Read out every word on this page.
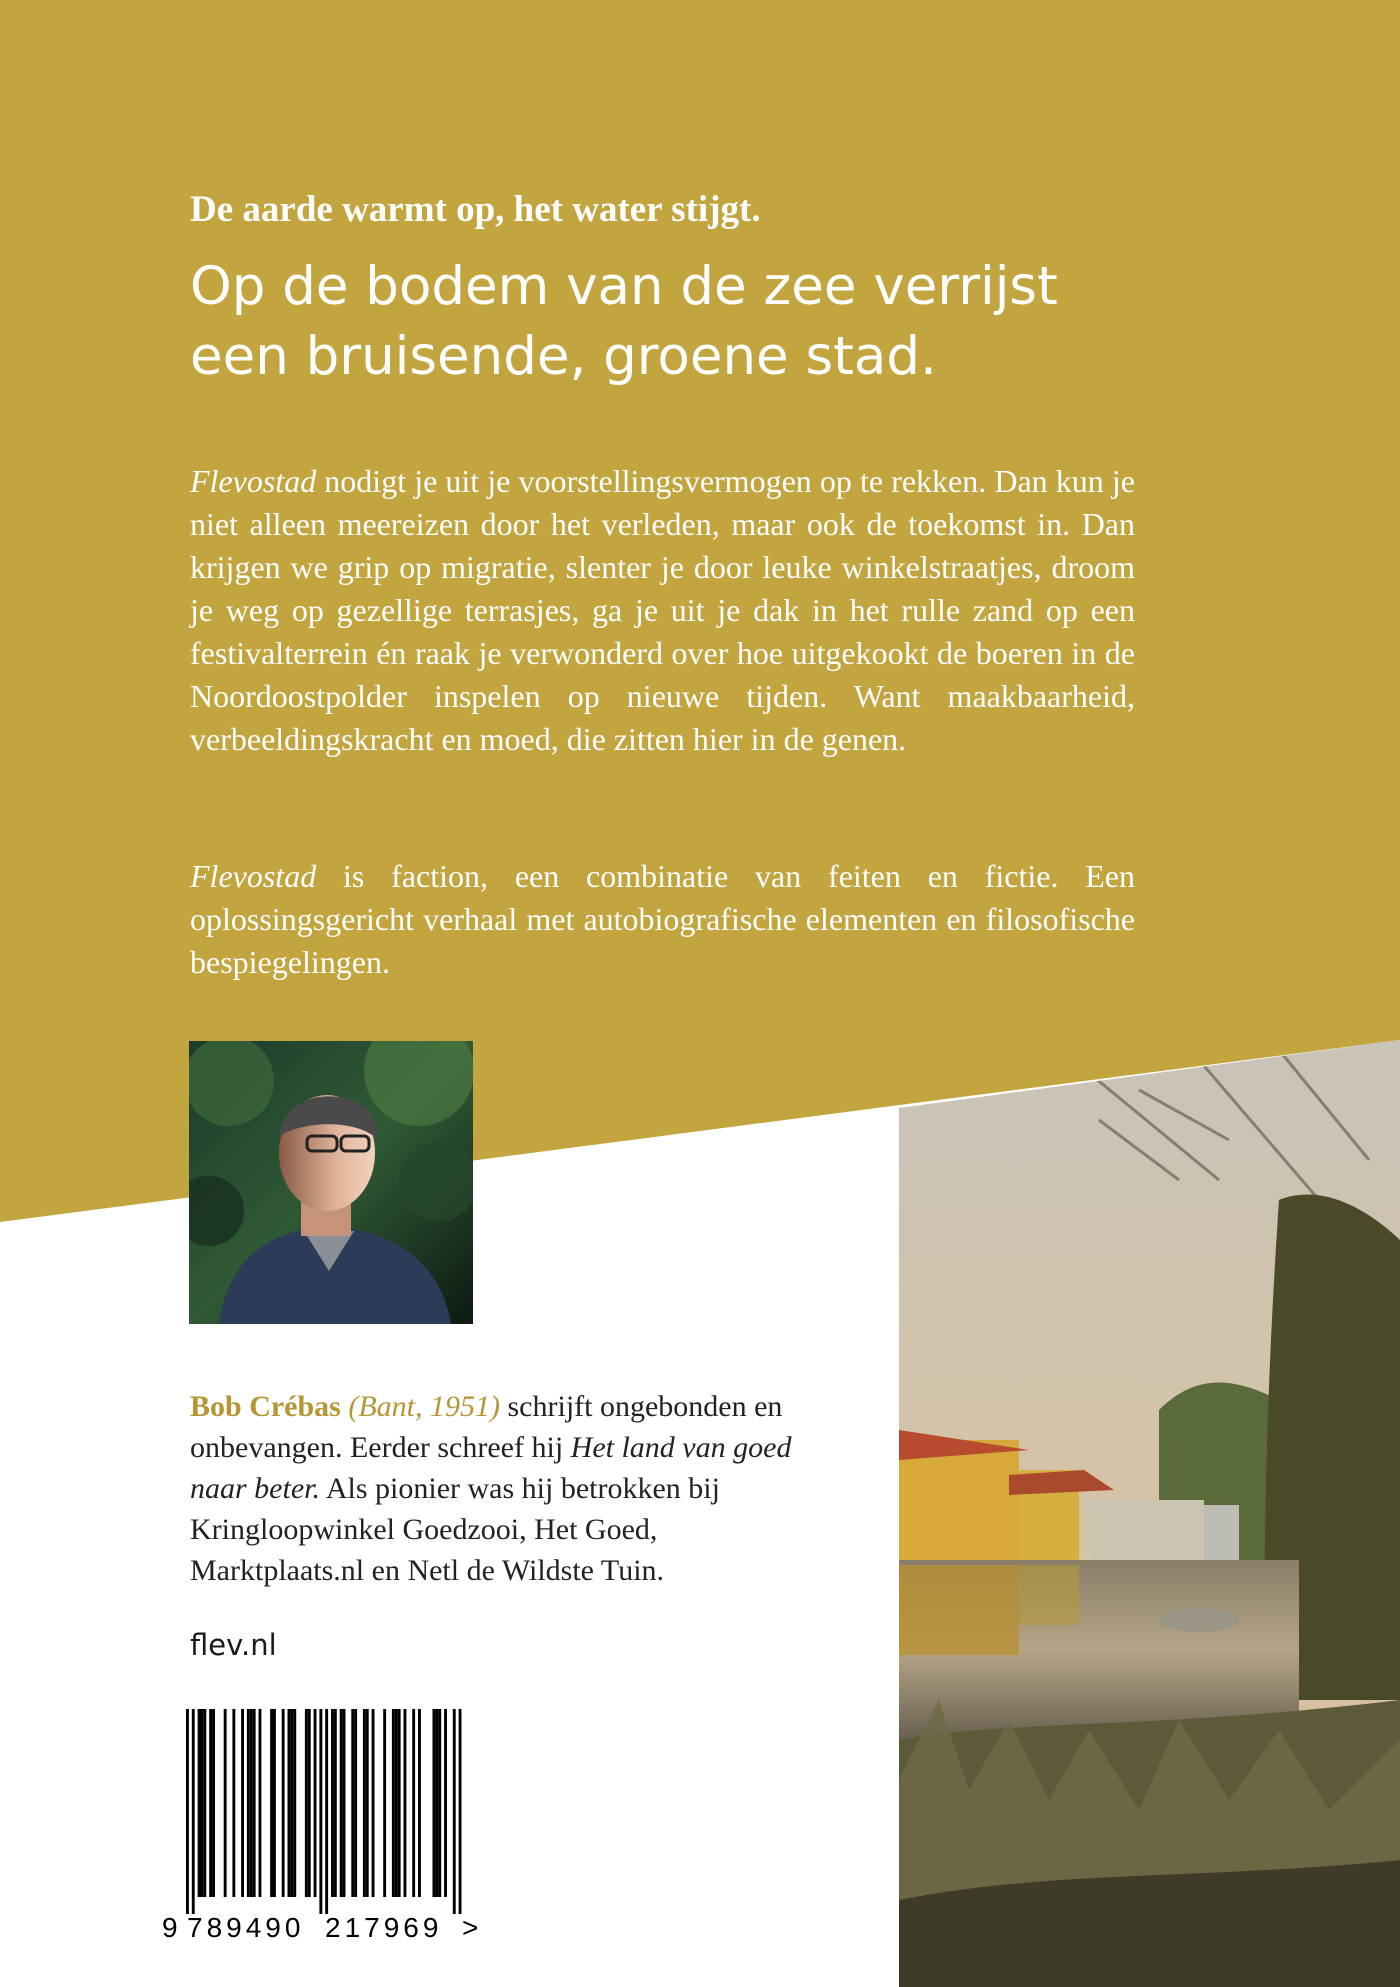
De aarde warmt op, het water stijgt.
Op de bodem van de zee verrijst
een bruisende, groene stad.

Flevostad nodigt je uit je voorstellingsvermogen op te rekken. Dan kun je niet alleen meereizen door het verleden, maar ook de toekomst in. Dan krijgen we grip op migratie, slenter je door leuke winkelstraatjes, droom je weg op gezellige terrasjes, ga je uit je dak in het rulle zand op een festivalterrein én raak je verwonderd over hoe uitgekookt de boeren in de Noordoostpolder inspelen op nieuwe tijden. Want maakbaarheid, verbeeldingskracht en moed, die zitten hier in de genen.

Flevostad is faction, een combinatie van feiten en fictie. Een oplossingsgericht verhaal met autobiografische elementen en filosofische bespiegelingen.

Bob Crébas (Bant, 1951) schrijft ongebonden en onbevangen. Eerder schreef hij Het land van goed naar beter. Als pionier was hij betrokken bij Kringloopwinkel Goedzooi, Het Goed, Marktplaats.nl en Netl de Wildste Tuin.

flev.nl

9 789490 217969 >
